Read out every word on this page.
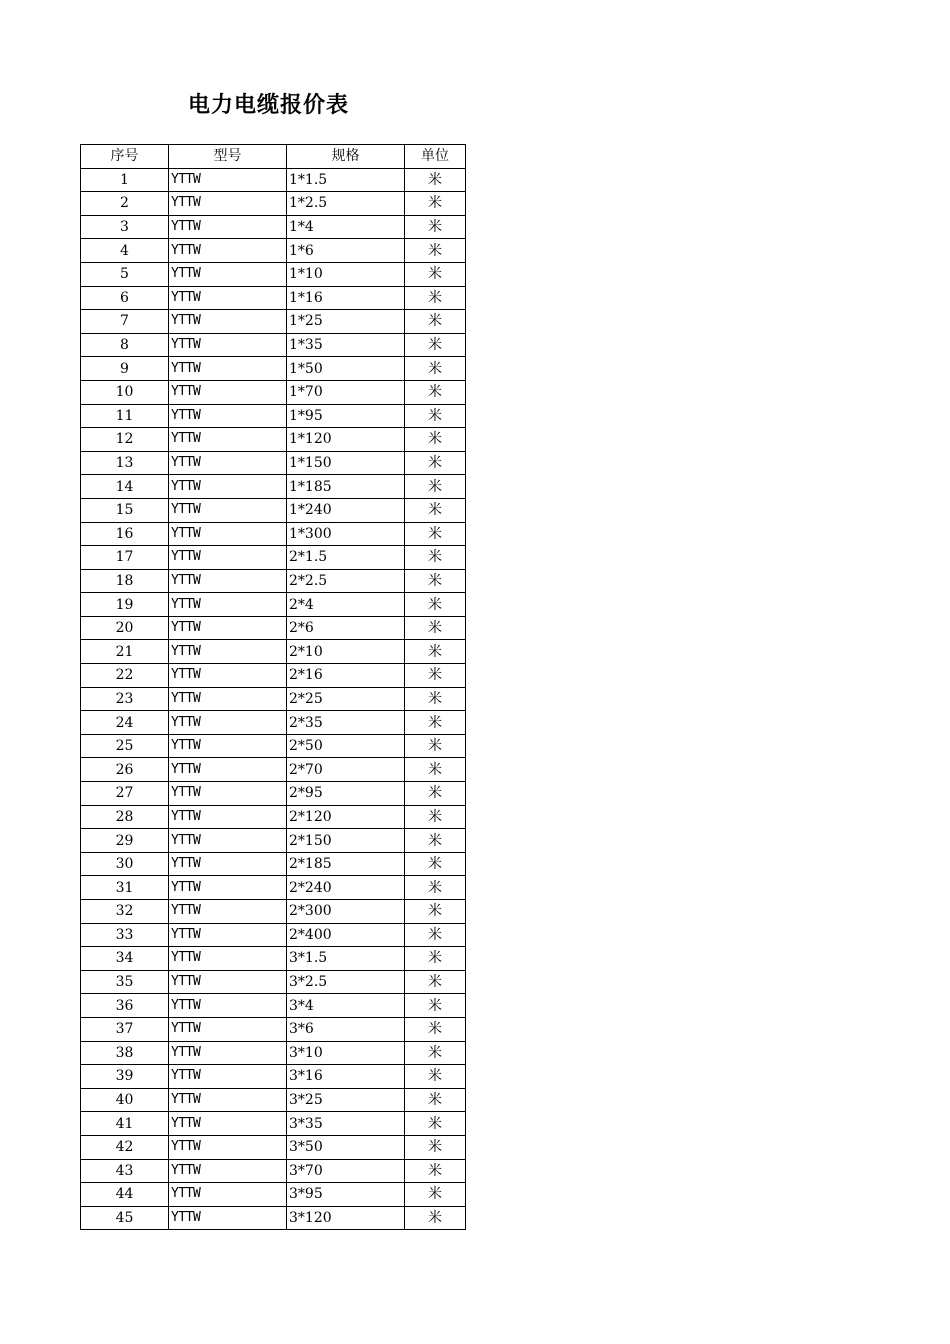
电力电缆报价表
序号	型号	规格	单位
1	YTTW	1*1.5	米
2	YTTW	1*2.5	米
3	YTTW	1*4	米
4	YTTW	1*6	米
5	YTTW	1*10	米
6	YTTW	1*16	米
7	YTTW	1*25	米
8	YTTW	1*35	米
9	YTTW	1*50	米
10	YTTW	1*70	米
11	YTTW	1*95	米
12	YTTW	1*120	米
13	YTTW	1*150	米
14	YTTW	1*185	米
15	YTTW	1*240	米
16	YTTW	1*300	米
17	YTTW	2*1.5	米
18	YTTW	2*2.5	米
19	YTTW	2*4	米
20	YTTW	2*6	米
21	YTTW	2*10	米
22	YTTW	2*16	米
23	YTTW	2*25	米
24	YTTW	2*35	米
25	YTTW	2*50	米
26	YTTW	2*70	米
27	YTTW	2*95	米
28	YTTW	2*120	米
29	YTTW	2*150	米
30	YTTW	2*185	米
31	YTTW	2*240	米
32	YTTW	2*300	米
33	YTTW	2*400	米
34	YTTW	3*1.5	米
35	YTTW	3*2.5	米
36	YTTW	3*4	米
37	YTTW	3*6	米
38	YTTW	3*10	米
39	YTTW	3*16	米
40	YTTW	3*25	米
41	YTTW	3*35	米
42	YTTW	3*50	米
43	YTTW	3*70	米
44	YTTW	3*95	米
45	YTTW	3*120	米
